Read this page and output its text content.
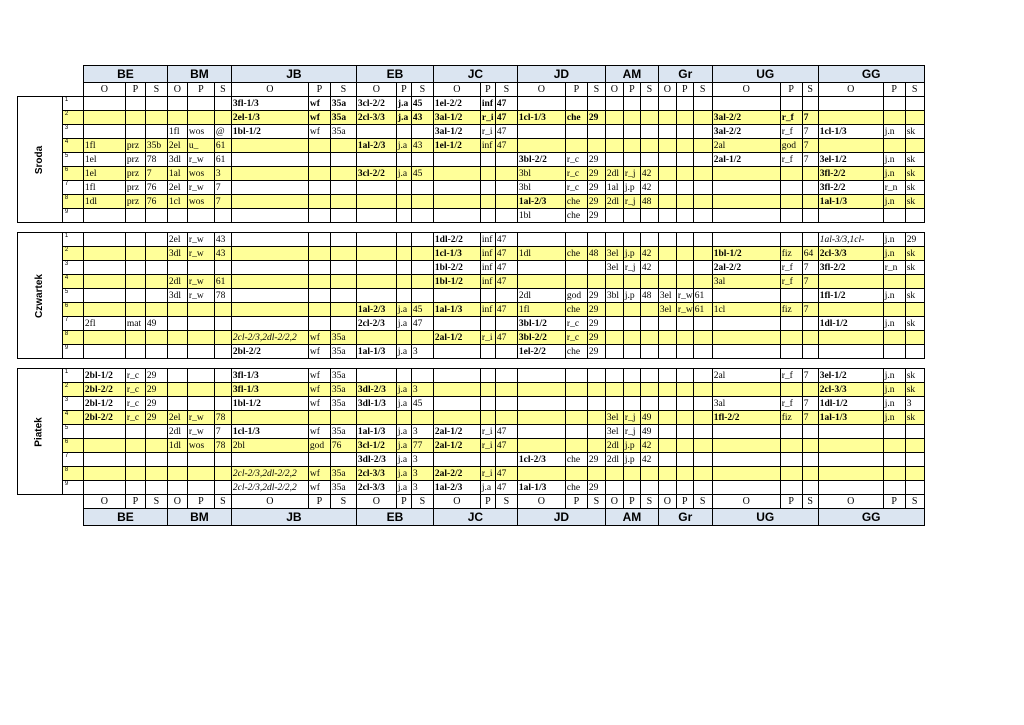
		BE			BM			JB			EB			JC			JD			AM			Gr			UG			GG		
		O	P	S	O	P	S	O	P	S	O	P	S	O	P	S	O	P	S	O	P	S	O	P	S	O	P	S	O	P	S
Sroda	1							3fl-1/3	wf	35a	3cl-2/2	j.a	45	1el-2/2	inf	47															
	2							2el-1/3	wf	35a	2cl-3/3	j.a	43	3al-1/2	r_i	47	1cl-1/3	che	29							3al-2/2	r_f	7			
	3				1fl	wos	@	1bl-1/2	wf	35a				3al-1/2	r_i	47										3al-2/2	r_f	7	1cl-1/3	j.n	sk
	4	1fl	prz	35b	2el	u_	61				1al-2/3	j.a	43	1el-1/2	inf	47										2al	god	7			
	5	1el	prz	78	3dl	r_w	61										3bl-2/2	r_c	29							2al-1/2	r_f	7	3el-1/2	j.n	sk
	6	1el	prz	7	1al	wos	3				3cl-2/2	j.a	45				3bl	r_c	29	2dl	r_j	42							3fl-2/2	j.n	sk
	7	1fl	prz	76	2el	r_w	7										3bl	r_c	29	1al	j.p	42							3fl-2/2	r_n	sk
	8	1dl	prz	76	1cl	wos	7										1al-2/3	che	29	2dl	r_j	48							1al-1/3	j.n	sk
	9																1bl	che	29												

Czwartek	1				2el	r_w	43							1dl-2/2	inf	47													1al-3/3,1cl-	j.n	29
	2				3dl	r_w	43							1cl-1/3	inf	47	1dl	che	48	3el	j.p	42				1bl-1/2	fiz	64	2cl-3/3	j.n	sk
	3													1bl-2/2	inf	47				3el	r_j	42				2al-2/2	r_f	7	3fl-2/2	r_n	sk
	4				2dl	r_w	61							1bl-1/2	inf	47										3al	r_f	7			
	5				3dl	r_w	78										2dl	god	29	3bl	j.p	48	3el	r_w	61				1fl-1/2	j.n	sk
	6										1al-2/3	j.a	45	1al-1/3	inf	47	1fl	che	29				3el	r_w	61	1cl	fiz	7			
	7	2fl	mat	49							2cl-2/3	j.a	47				3bl-1/2	r_c	29										1dl-1/2	j.n	sk
	8							2cl-2/3,2dl-2/2,2	wf	35a				2al-1/2	r_i	47	3bl-2/2	r_c	29												
	9							2bl-2/2	wf	35a	1al-1/3	j.a	3				1el-2/2	che	29												

Piatek	1	2bl-1/2	r_c	29				3fl-1/3	wf	35a																2al	r_f	7	3el-1/2	j.n	sk
	2	2bl-2/2	r_c	29				3fl-1/3	wf	35a	3dl-2/3	j.a	3																2cl-3/3	j.n	sk
	3	2bl-1/2	r_c	29				1bl-1/2	wf	35a	3dl-1/3	j.a	45													3al	r_f	7	1dl-1/2	j.n	3
	4	2bl-2/2	r_c	29	2el	r_w	78													3el	r_j	49				1fl-2/2	fiz	7	1al-1/3	j.n	sk
	5				2dl	r_w	7	1cl-1/3	wf	35a	1al-1/3	j.a	3	2al-1/2	r_i	47				3el	r_j	49									
	6				1dl	wos	78	2bl	god	76	3cl-1/2	j.a	77	2al-1/2	r_i	47				2dl	j.p	42									
	7										3dl-2/3	j.a	3				1cl-2/3	che	29	2dl	j.p	42									
	8							2cl-2/3,2dl-2/2,2	wf	35a	2cl-3/3	j.a	3	2al-2/2	r_i	47															
	9							2cl-2/3,2dl-2/2,2	wf	35a	2cl-3/3	j.a	3	1al-2/3	j.a	47	1al-1/3	che	29												
		O	P	S	O	P	S	O	P	S	O	P	S	O	P	S	O	P	S	O	P	S	O	P	S	O	P	S	O	P	S
		BE			BM			JB			EB			JC			JD			AM			Gr			UG			GG		
